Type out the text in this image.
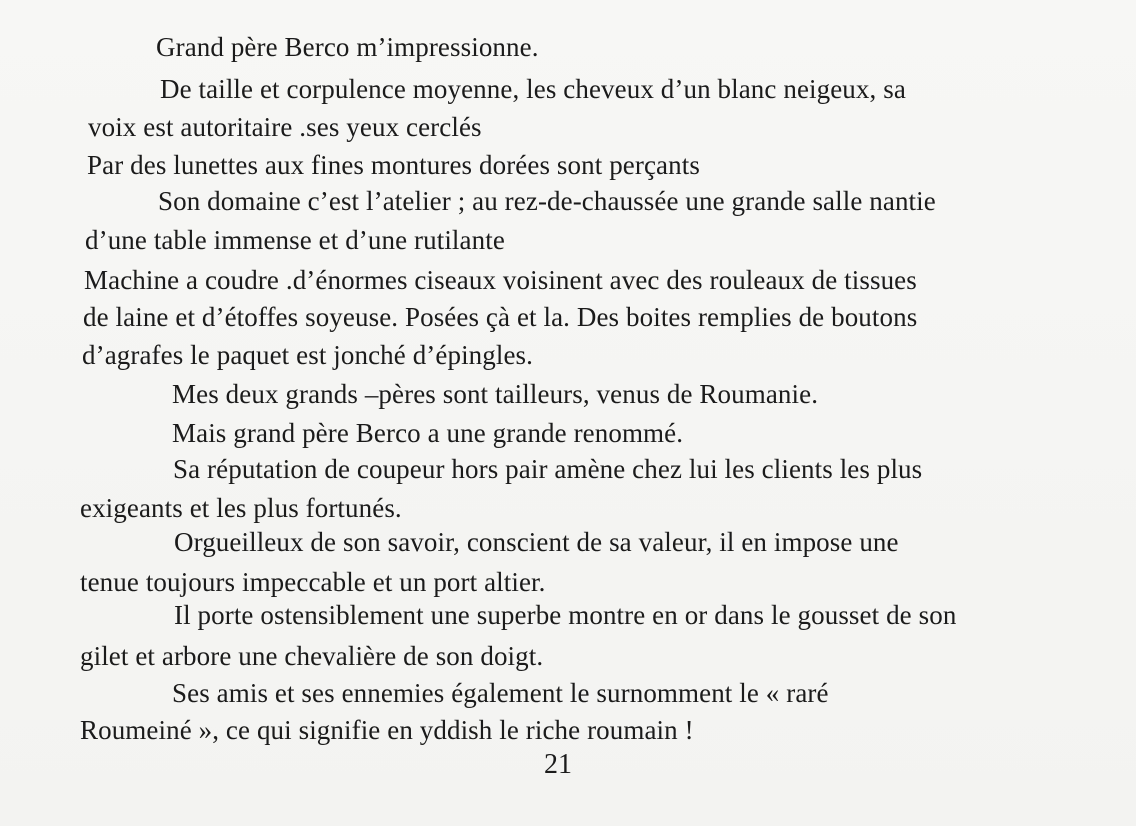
Grand père Berco m’impressionne.
De taille et corpulence moyenne, les cheveux d’un blanc neigeux, sa
voix est autoritaire .ses yeux cerclés
Par des lunettes aux fines montures dorées sont perçants
Son domaine c’est l’atelier ; au rez-de-chaussée une grande salle nantie
d’une table immense et d’une rutilante
Machine a coudre .d’énormes ciseaux voisinent avec des rouleaux de tissues
de laine et d’étoffes soyeuse. Posées çà et la. Des boites remplies de boutons
d’agrafes le paquet est jonché d’épingles.
Mes deux grands –pères sont tailleurs, venus de Roumanie.
Mais grand père Berco a une grande renommé.
Sa réputation de coupeur hors pair amène chez lui les clients les plus
exigeants et les plus fortunés.
Orgueilleux de son savoir, conscient de sa valeur, il en impose une
tenue toujours impeccable et un port altier.
Il porte ostensiblement une superbe montre en or dans le gousset de son
gilet et arbore une chevalière de son doigt.
Ses amis et ses ennemies également le surnomment le « raré
Roumeiné », ce qui signifie en yddish le riche roumain !
21
